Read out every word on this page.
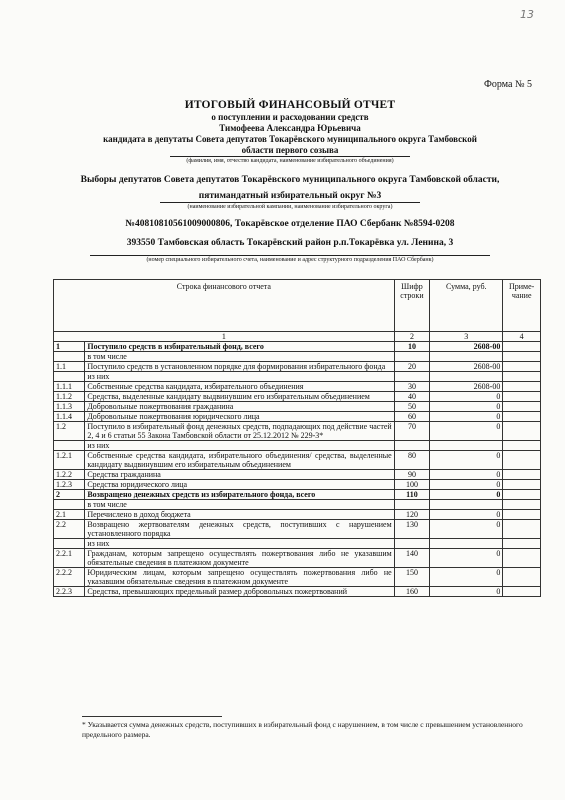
13
Форма № 5
ИТОГОВЫЙ ФИНАНСОВЫЙ ОТЧЕТ
о поступлении и расходовании средств
Тимофеева Александра Юрьевича
кандидата в депутаты Совета депутатов Токарёвского муниципального округа Тамбовской
области первого созыва
(фамилия, имя, отчество кандидата, наименование избирательного объединения)
Выборы депутатов Совета депутатов Токарёвского муниципального округа Тамбовской области,
пятимандатный избирательный округ №3
(наименование избирательной кампании, наименование избирательного округа)
№40810810561009000806, Токарёвское отделение ПАО Сбербанк №8594-0208
393550 Тамбовская область Токарёвский район р.п.Токарёвка ул. Ленина, 3
(номер специального избирательного счета, наименование и адрес структурного подразделения ПАО Сбербанк)
Строка финансового отчета		Шифр строки	Сумма, руб.	Приме-чание
1		2	3	4
1	Поступило средств в избирательный фонд, всего	10	2608-00	
	в том числе			
1.1	Поступило средств в установленном порядке для формирования избирательного фонда	20	2608-00	
	из них			
1.1.1	Собственные средства кандидата, избирательного объединения	30	2608-00	
1.1.2	Средства, выделенные кандидату выдвинувшим его избирательным объединением	40	0	
1.1.3	Добровольные пожертвования гражданина	50	0	
1.1.4	Добровольные пожертвования юридического лица	60	0	
1.2	Поступило в избирательный фонд денежных средств, подпадающих под действие частей 2, 4 и 6 статьи 55 Закона Тамбовской области от 25.12.2012 № 229-3*	70	0	
	из них			
1.2.1	Собственные средства кандидата, избирательного объединения/ средства, выделенные кандидату выдвинувшим его избирательным объединением	80	0	
1.2.2	Средства гражданина	90	0	
1.2.3	Средства юридического лица	100	0	
2	Возвращено денежных средств из избирательного фонда, всего	110	0	
	в том числе			
2.1	Перечислено в доход бюджета	120	0	
2.2	Возвращено жертвователям денежных средств, поступивших с нарушением установленного порядка	130	0	
	из них			
2.2.1	Гражданам, которым запрещено осуществлять пожертвования либо не указавшим обязательные сведения в платежном документе	140	0	
2.2.2	Юридическим лицам, которым запрещено осуществлять пожертвования либо не указавшим обязательные сведения в платежном документе	150	0	
2.2.3	Средства, превышающих предельный размер добровольных пожертвований	160	0	
* Указывается сумма денежных средств, поступивших в избирательный фонд с нарушением, в том числе с превышением установленного предельного размера.
